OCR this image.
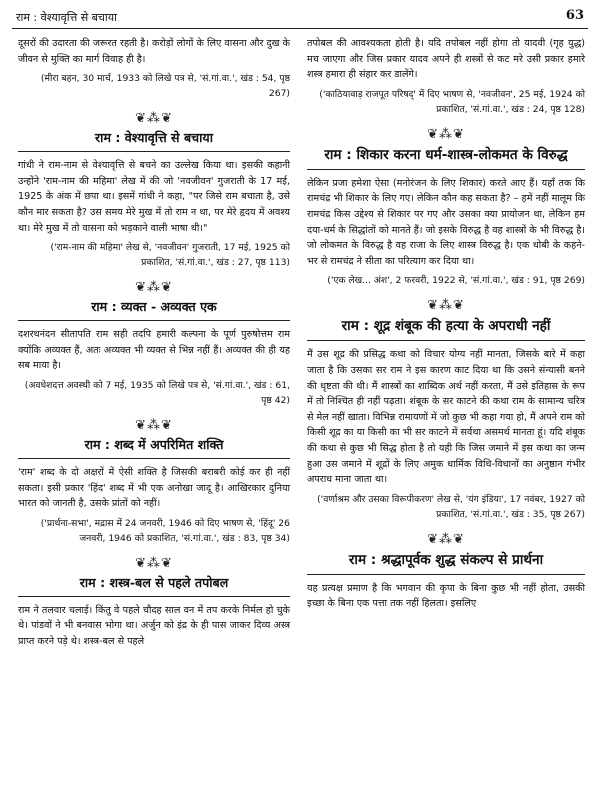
राम : वेश्यावृत्ति से बचाया	63

दूसरों की उदारता की जरूरत रहती है। करोड़ों लोगों के लिए वासना और दुख के जीवन से मुक्ति का मार्ग विवाह ही है।

(मीरा बहन, 30 मार्च, 1933 को लिखे पत्र से, 'सं.गां.वा.', खंड : 54, पृष्ठ 267)

❦⁂❦
राम : वेश्यावृत्ति से बचाया

गांधी ने राम-नाम से वेश्यावृत्ति से बचने का उल्लेख किया था। इसकी कहानी उन्होंने 'राम-नाम की महिमा' लेख में की जो 'नवजीवन' गुजराती के 17 मई, 1925 के अंक में छपा था। इसमें गांधी ने कहा, "पर जिसे राम बचाता है, उसे कौन मार सकता है? उस समय मेरे मुख में तो राम न था, पर मेरे हृदय में अवश्य था। मेरे मुख में तो वासना को भड़काने वाली भाषा थी।"

('राम-नाम की महिमा' लेख से, 'नवजीवन' गुजराती, 17 मई, 1925 को प्रकाशित, 'सं.गां.वा.', खंड : 27, पृष्ठ 113)

❦⁂❦
राम : व्यक्त - अव्यक्त एक

दशरथनंदन सीतापति राम सही तदपि हमारी कल्पना के पूर्ण पुरुषोत्तम राम क्योंकि अव्यक्त हैं, अतः अव्यक्त भी व्यक्त से भिन्न नहीं हैं। अव्यक्त की ही यह सब माया है।

(अवधेशदत्त अवस्थी को 7 मई, 1935 को लिखे पत्र से, 'सं.गां.वा.', खंड : 61, पृष्ठ 42)

❦⁂❦
राम : शब्द में अपरिमित शक्ति

'राम' शब्द के दो अक्षरों में ऐसी शक्ति है जिसकी बराबरी कोई कर ही नहीं सकता। इसी प्रकार 'हिंद' शब्द में भी एक अनोखा जादू है। आखिरकार दुनिया भारत को जानती है, उसके प्रांतों को नहीं।

('प्रार्थना-सभा', मद्रास में 24 जनवरी, 1946 को दिए भाषण से, 'हिंदू' 26 जनवरी, 1946 को प्रकाशित, 'सं.गां.वा.', खंड : 83, पृष्ठ 34)

❦⁂❦
राम : शस्त्र-बल से पहले तपोबल

राम ने तलवार चलाई। किंतु वे पहले चौदह साल वन में तप करके निर्मल हो चुके थे। पांडवों ने भी बनवास भोगा था। अर्जुन को इंद्र के ही पास जाकर दिव्य अस्त्र प्राप्त करने पड़े थे। शस्त्र-बल से पहले

तपोबल की आवश्यकता होती है। यदि तपोबल नहीं होगा तो यादवी (गृह युद्ध) मच जाएगा और जिस प्रकार यादव अपने ही शस्त्रों से कट मरे उसी प्रकार हमारे शस्त्र हमारा ही संहार कर डालेंगे।

('काठियावाड़ राजपूत परिषद्' में दिए भाषण से, 'नवजीवन', 25 मई, 1924 को प्रकाशित, 'सं.गां.वा.', खंड : 24, पृष्ठ 128)

❦⁂❦
राम : शिकार करना धर्म-शास्त्र-लोकमत के विरुद्ध

लेकिन प्रजा हमेशा ऐसा (मनोरंजन के लिए शिकार) करते आए हैं। यहाँ तक कि रामचंद्र भी शिकार के लिए गए। लेकिन कौन कह सकता है? – हमें नहीं मालूम कि रामचंद्र किस उद्देश्य से शिकार पर गए और उसका क्या प्रायोजन था, लेकिन हम दया-धर्म के सिद्धांतों को मानते हैं। जो इसके विरुद्ध है वह शास्त्रों के भी विरुद्ध है। जो लोकमत के विरुद्ध है वह राजा के लिए शास्त्र विरुद्ध है। एक धोबी के कहने-भर से रामचंद्र ने सीता का परित्याग कर दिया था।

('एक लेख... अंश', 2 फरवरी, 1922 से, 'सं.गां.वा.', खंड : 91, पृष्ठ 269)

❦⁂❦
राम : शूद्र शंबूक की हत्या के अपराधी नहीं

मैं उस शूद्र की प्रसिद्ध कथा को विचार योग्य नहीं मानता, जिसके बारे में कहा जाता है कि उसका सर राम ने इस कारण काट दिया था कि उसने संन्यासी बनने की धृष्टता की थी। मैं शास्त्रों का शाब्दिक अर्थ नहीं करता, मैं उसे इतिहास के रूप में तो निश्चित ही नहीं पढ़ता। शंबूक के सर काटने की कथा राम के सामान्य चरित्र से मेल नहीं खाता। विभिन्न रामायणों में जो कुछ भी कहा गया हो, मैं अपने राम को किसी शूद्र का या किसी का भी सर काटने में सर्वथा असमर्थ मानता हूं। यदि शंबूक की कथा से कुछ भी सिद्ध होता है तो यही कि जिस जमाने में इस कथा का जन्म हुआ उस जमाने में शूद्रों के लिए अमुक धार्मिक विधि-विधानों का अनुष्ठान गंभीर अपराध माना जाता था।

('वर्णाश्रम और उसका विरूपीकरण' लेख से, 'यंग इंडिया', 17 नवंबर, 1927 को प्रकाशित, 'सं.गां.वा.', खंड : 35, पृष्ठ 267)

❦⁂❦
राम : श्रद्धापूर्वक शुद्ध संकल्प से प्रार्थना

यह प्रत्यक्ष प्रमाण है कि भगवान की कृपा के बिना कुछ भी नहीं होता, उसकी इच्छा के बिना एक पत्ता तक नहीं हिलता। इसलिए
